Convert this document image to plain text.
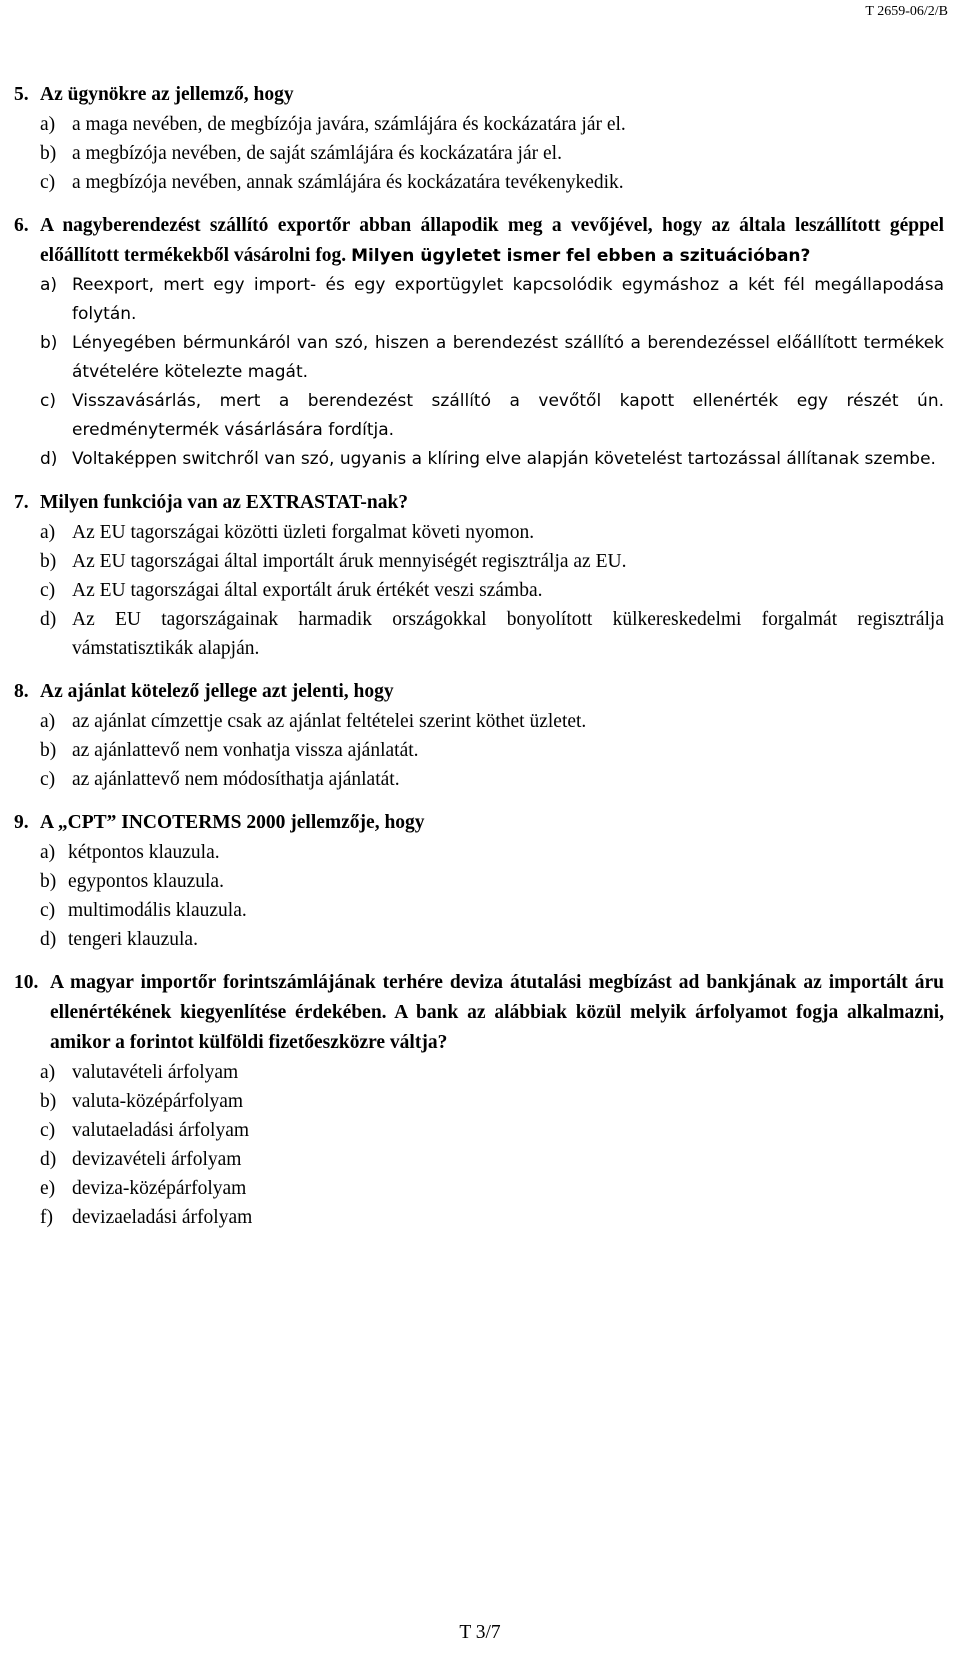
T 2659-06/2/B
5. Az ügynökre az jellemző, hogy
a) a maga nevében, de megbízója javára, számlájára és kockázatára jár el.
b) a megbízója nevében, de saját számlájára és kockázatára jár el.
c) a megbízója nevében, annak számlájára és kockázatára tevékenykedik.
6. A nagyberendezést szállító exportőr abban állapodik meg a vevőjével, hogy az általa leszállított géppel előállított termékekből vásárolni fog. Milyen ügyletet ismer fel ebben a szituációban?
a) Reexport, mert egy import- és egy exportügylet kapcsolódik egymáshoz a két fél megállapodása folytán.
b) Lényegében bérmunkáról van szó, hiszen a berendezést szállító a berendezéssel előállított termékek átvételére kötelezte magát.
c) Visszavásárlás, mert a berendezést szállító a vevőtől kapott ellenérték egy részét ún. eredménytermék vásárlására fordítja.
d) Voltaképpen switchről van szó, ugyanis a klíring elve alapján követelést tartozással állítanak szembe.
7. Milyen funkciója van az EXTRASTAT-nak?
a) Az EU tagországai közötti üzleti forgalmat követi nyomon.
b) Az EU tagországai által importált áruk mennyiségét regisztrálja az EU.
c) Az EU tagországai által exportált áruk értékét veszi számba.
d) Az EU tagországainak harmadik országokkal bonyolított külkereskedelmi forgalmát regisztrálja vámstatisztikák alapján.
8. Az ajánlat kötelező jellege azt jelenti, hogy
a) az ajánlat címzettje csak az ajánlat feltételei szerint köthet üzletet.
b) az ajánlattevő nem vonhatja vissza ajánlatát.
c) az ajánlattevő nem módosíthatja ajánlatát.
9. A „CPT” INCOTERMS 2000 jellemzője, hogy
a) kétpontos klauzula.
b) egypontos klauzula.
c) multimodális klauzula.
d) tengeri klauzula.
10. A magyar importőr forintszámlájának terhére deviza átutalási megbízást ad bankjának az importált áru ellenértékének kiegyenlítése érdekében. A bank az alábbiak közül melyik árfolyamot fogja alkalmazni, amikor a forintot külföldi fizetőeszközre váltja?
a) valutavételi árfolyam
b) valuta-középárfolyam
c) valutaeladási árfolyam
d) devizavételi árfolyam
e) deviza-középárfolyam
f) devizaeladási árfolyam
T 3/7
